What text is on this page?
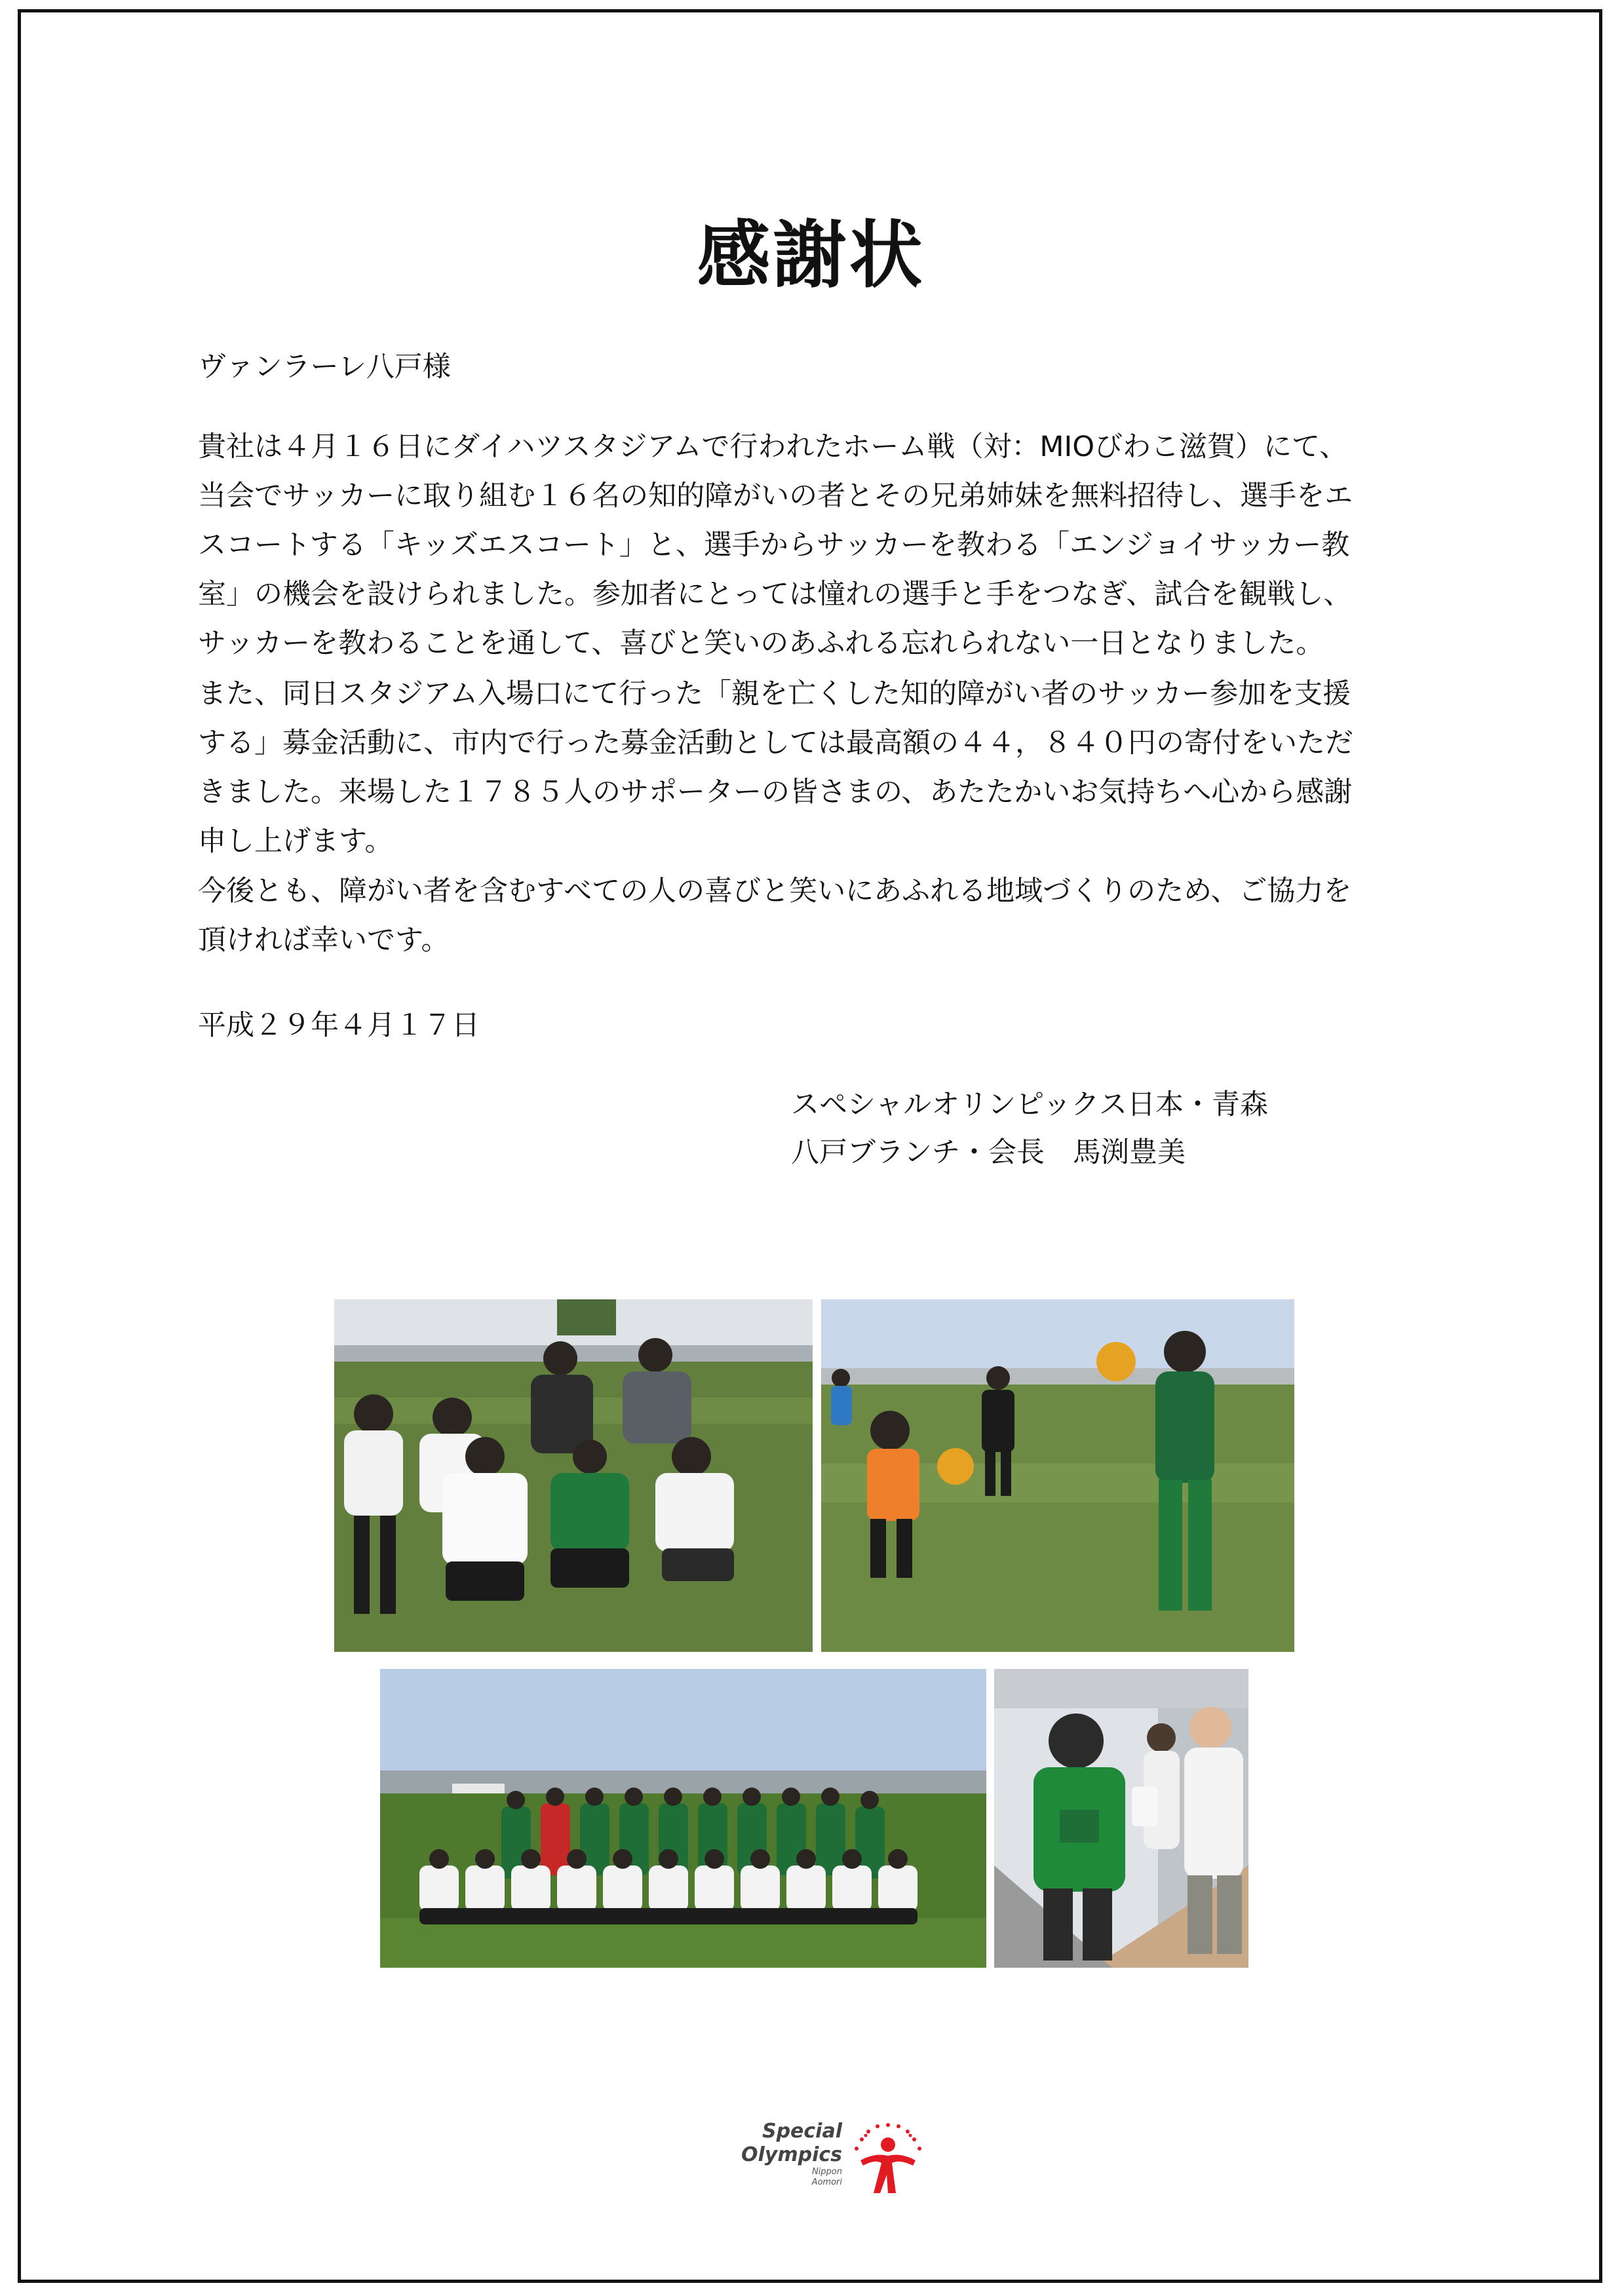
感謝状
ヴァンラーレ八戸様
貴社は４月１６日にダイハツスタジアムで行われたホーム戦（対：MIOびわこ滋賀）にて、
当会でサッカーに取り組む１６名の知的障がいの者とその兄弟姉妹を無料招待し、選手をエ
スコートする「キッズエスコート」と、選手からサッカーを教わる「エンジョイサッカー教
室」の機会を設けられました。参加者にとっては憧れの選手と手をつなぎ、試合を観戦し、
サッカーを教わることを通して、喜びと笑いのあふれる忘れられない一日となりました。
また、同日スタジアム入場口にて行った「親を亡くした知的障がい者のサッカー参加を支援
する」募金活動に、市内で行った募金活動としては最高額の４４，８４０円の寄付をいただ
きました。来場した１７８５人のサポーターの皆さまの、あたたかいお気持ちへ心から感謝
申し上げます。
今後とも、障がい者を含むすべての人の喜びと笑いにあふれる地域づくりのため、ご協力を
頂ければ幸いです。
平成２９年４月１７日
スペシャルオリンピックス日本・青森
八戸ブランチ・会長　馬渕豊美
Special
Olympics
Nippon
Aomori
